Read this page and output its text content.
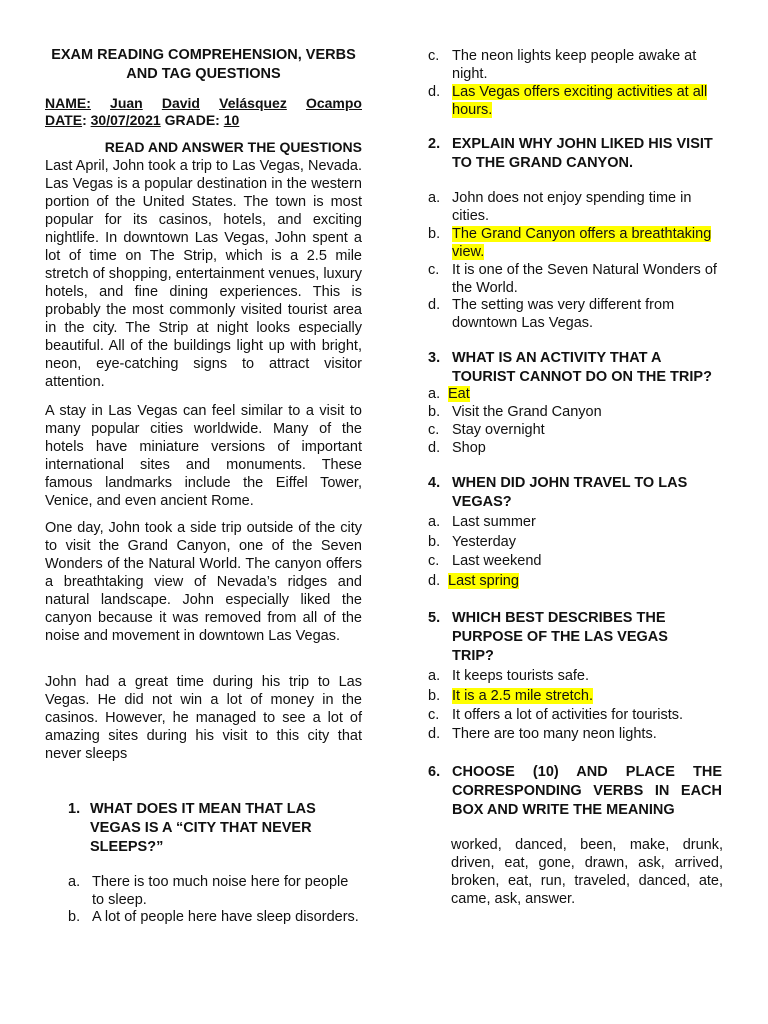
EXAM READING COMPREHENSION, VERBS
AND TAG QUESTIONS
NAME: Juan David Velásquez Ocampo
DATE: 30/07/2021 GRADE: 10
READ AND ANSWER THE QUESTIONS

Last April, John took a trip to Las Vegas, Nevada. Las Vegas is a popular destination in the western portion of the United States. The town is most popular for its casinos, hotels, and exciting nightlife. In downtown Las Vegas, John spent a lot of time on The Strip, which is a 2.5 mile stretch of shopping, entertainment venues, luxury hotels, and fine dining experiences. This is probably the most commonly visited tourist area in the city. The Strip at night looks especially beautiful. All of the buildings light up with bright, neon, eye-catching signs to attract visitor attention.

A stay in Las Vegas can feel similar to a visit to many popular cities worldwide. Many of the hotels have miniature versions of important international sites and monuments. These famous landmarks include the Eiffel Tower, Venice, and even ancient Rome.

One day, John took a side trip outside of the city to visit the Grand Canyon, one of the Seven Wonders of the Natural World. The canyon offers a breathtaking view of Nevada’s ridges and natural landscape. John especially liked the canyon because it was removed from all of the noise and movement in downtown Las Vegas.

John had a great time during his trip to Las Vegas. He did not win a lot of money in the casinos. However, he managed to see a lot of amazing sites during his visit to this city that never sleeps

1. WHAT DOES IT MEAN THAT LAS VEGAS IS A “CITY THAT NEVER SLEEPS?”
a. There is too much noise here for people to sleep.
b. A lot of people here have sleep disorders.
c. The neon lights keep people awake at night.
d. Las Vegas offers exciting activities at all hours.
2. EXPLAIN WHY JOHN LIKED HIS VISIT TO THE GRAND CANYON.
a. John does not enjoy spending time in cities.
b. The Grand Canyon offers a breathtaking view.
c. It is one of the Seven Natural Wonders of the World.
d. The setting was very different from downtown Las Vegas.
3. WHAT IS AN ACTIVITY THAT A TOURIST CANNOT DO ON THE TRIP?
a. Eat
b. Visit the Grand Canyon
c. Stay overnight
d. Shop
4. WHEN DID JOHN TRAVEL TO LAS VEGAS?
a. Last summer
b. Yesterday
c. Last weekend
d. Last spring
5. WHICH BEST DESCRIBES THE PURPOSE OF THE LAS VEGAS TRIP?
a. It keeps tourists safe.
b. It is a 2.5 mile stretch.
c. It offers a lot of activities for tourists.
d. There are too many neon lights.
6. CHOOSE (10) AND PLACE THE CORRESPONDING VERBS IN EACH BOX AND WRITE THE MEANING

worked, danced, been, make, drunk, driven, eat, gone, drawn, ask, arrived, broken, eat, run, traveled, danced, ate, came, ask, answer.
